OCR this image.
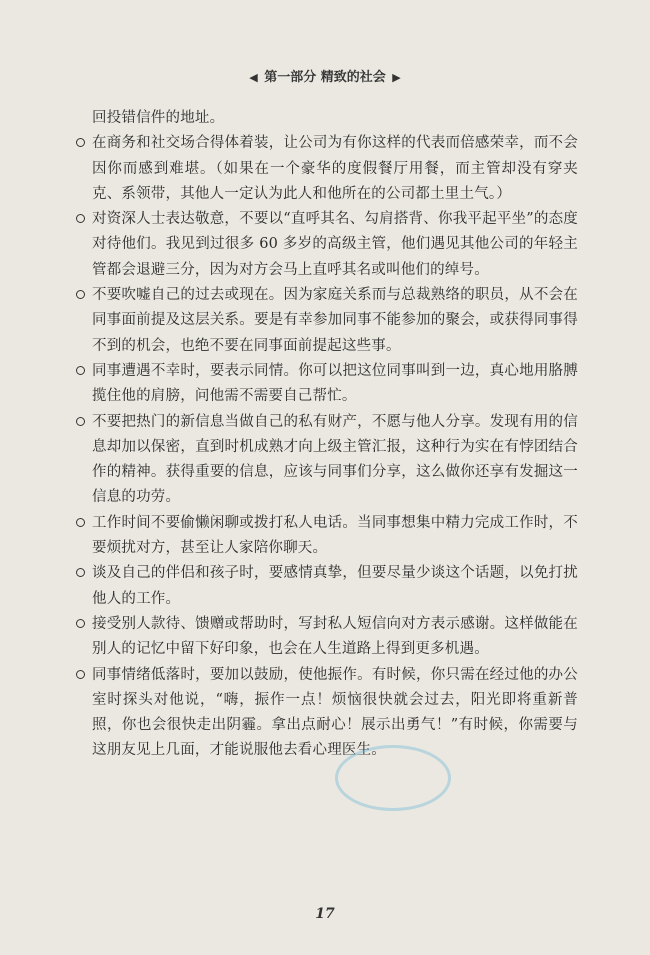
◀ 第一部分 精致的社会 ▶
回投错信件的地址。
在商务和社交场合得体着装，让公司为有你这样的代表而倍感荣幸，而不会因你而感到难堪。（如果在一个豪华的度假餐厅用餐，而主管却没有穿夹克、系领带，其他人一定认为此人和他所在的公司都土里土气。）
对资深人士表达敬意，不要以“直呼其名、勾肩搭背、你我平起平坐”的态度对待他们。我见到过很多 60 多岁的高级主管，他们遇见其他公司的年轻主管都会退避三分，因为对方会马上直呼其名或叫他们的绰号。
不要吹嘘自己的过去或现在。因为家庭关系而与总裁熟络的职员，从不会在同事面前提及这层关系。要是有幸参加同事不能参加的聚会，或获得同事得不到的机会，也绝不要在同事面前提起这些事。
同事遭遇不幸时，要表示同情。你可以把这位同事叫到一边，真心地用胳膊揽住他的肩膀，问他需不需要自己帮忙。
不要把热门的新信息当做自己的私有财产，不愿与他人分享。发现有用的信息却加以保密，直到时机成熟才向上级主管汇报，这种行为实在有悖团结合作的精神。获得重要的信息，应该与同事们分享，这么做你还享有发掘这一信息的功劳。
工作时间不要偷懒闲聊或拨打私人电话。当同事想集中精力完成工作时，不要烦扰对方，甚至让人家陪你聊天。
谈及自己的伴侣和孩子时，要感情真挚，但要尽量少谈这个话题，以免打扰他人的工作。
接受别人款待、馈赠或帮助时，写封私人短信向对方表示感谢。这样做能在别人的记忆中留下好印象，也会在人生道路上得到更多机遇。
同事情绪低落时，要加以鼓励，使他振作。有时候，你只需在经过他的办公室时探头对他说，“嗨，振作一点！烦恼很快就会过去，阳光即将重新普照，你也会很快走出阴霾。拿出点耐心！展示出勇气！”有时候，你需要与这朋友见上几面，才能说服他去看心理医生。
17
